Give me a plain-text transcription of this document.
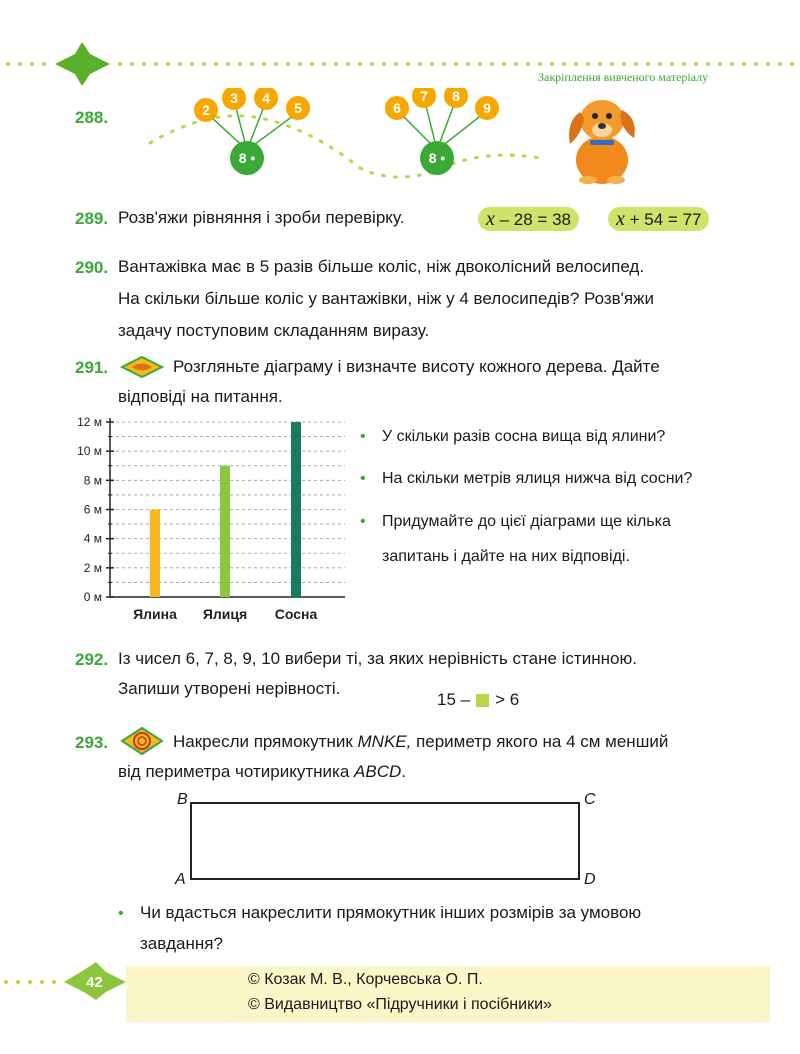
Закріплення вивченого матеріалу
288.	2
3 4
5	6
7 8
9
8 •	8 •
289. Розв'яжи рівняння і зроби перевірку.	x – 28 = 38	x + 54 = 77
290. Вантажівка має в 5 разів більше коліс, ніж двоколісний велосипед.
На скільки більше коліс у вантажівки, ніж у 4 велосипедів? Розв'яжи
задачу поступовим складанням виразу.
291.	Розгляньте діаграму і визначте висоту кожного дерева. Дайте
відповіді на питання.
0 м
2 м
4 м
6 м
8 м
10 м
12 м
Ялина Ялиця Сосна
• У скільки разів сосна вища від ялини?
• На скільки метрів ялиця нижча від сосни?
• Придумайте до цієї діаграми ще кілька
запитань і дайте на них відповіді.
292. Із чисел 6, 7, 8, 9, 10 вибери ті, за яких нерівність стане істинною.
Запиши утворені нерівності.
15 – > 6
293.	Накресли прямокутник MNKE, периметр якого на 4 см менший
від периметра чотирикутника ABCD.
B	C
A	D
• Чи вдасться накреслити прямокутник інших розмірів за умовою
завдання?
42	© Козак М. В., Корчевська О. П.
© Видавництво «Підручники і посібники»
